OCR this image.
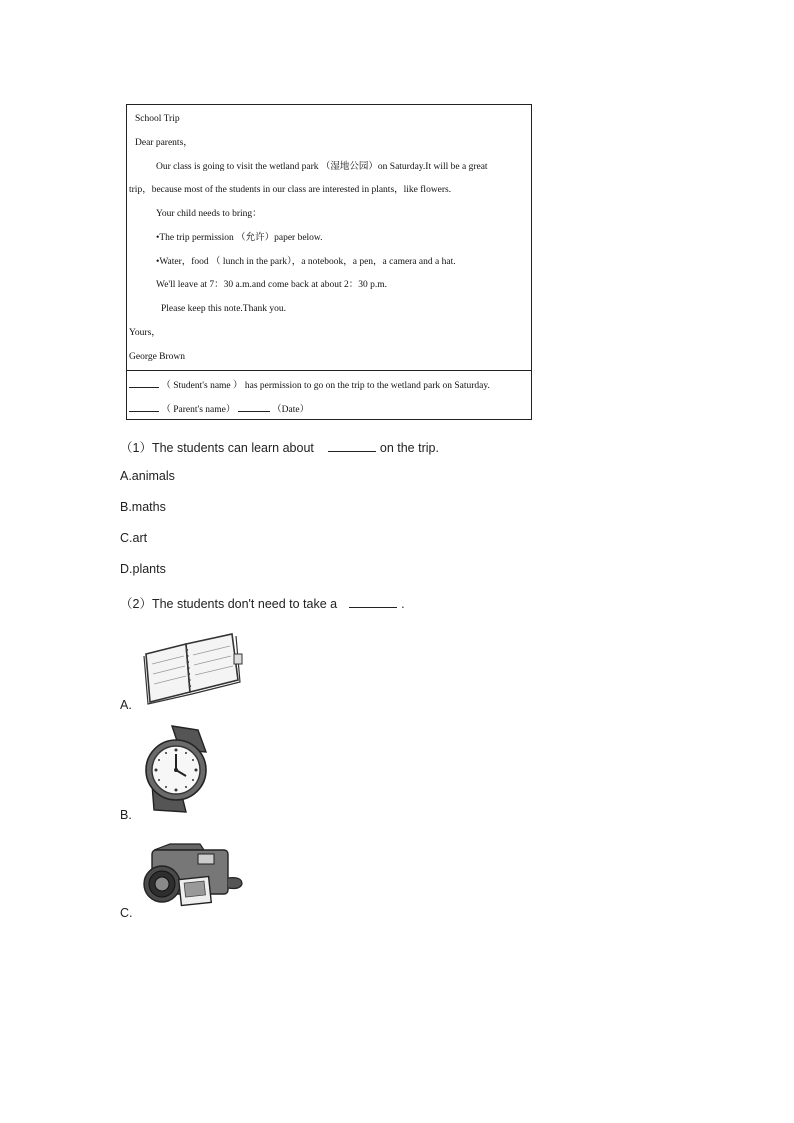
School Trip
Dear parents，
Our class is going to visit the wetland park （湿地公园）on Saturday.It will be a great
trip，because most of the students in our class are interested in plants，like flowers.
Your child needs to bring：
•The trip permission （允许）paper below.
•Water，food （ lunch in the park），a notebook，a pen，a camera and a hat.
We'll leave at 7：30 a.m.and come back at about 2：30 p.m.
Please keep this note.Thank you.
Yours，
George Brown
（ Student's name ） has permission to go on the trip to the wetland park on Saturday.
（ Parent's name）	（Date）
（1）The students can learn about	on the trip.
A.animals
B.maths
C.art
D.plants
（2）The students don't need to take a	.
A.
B.
C.
